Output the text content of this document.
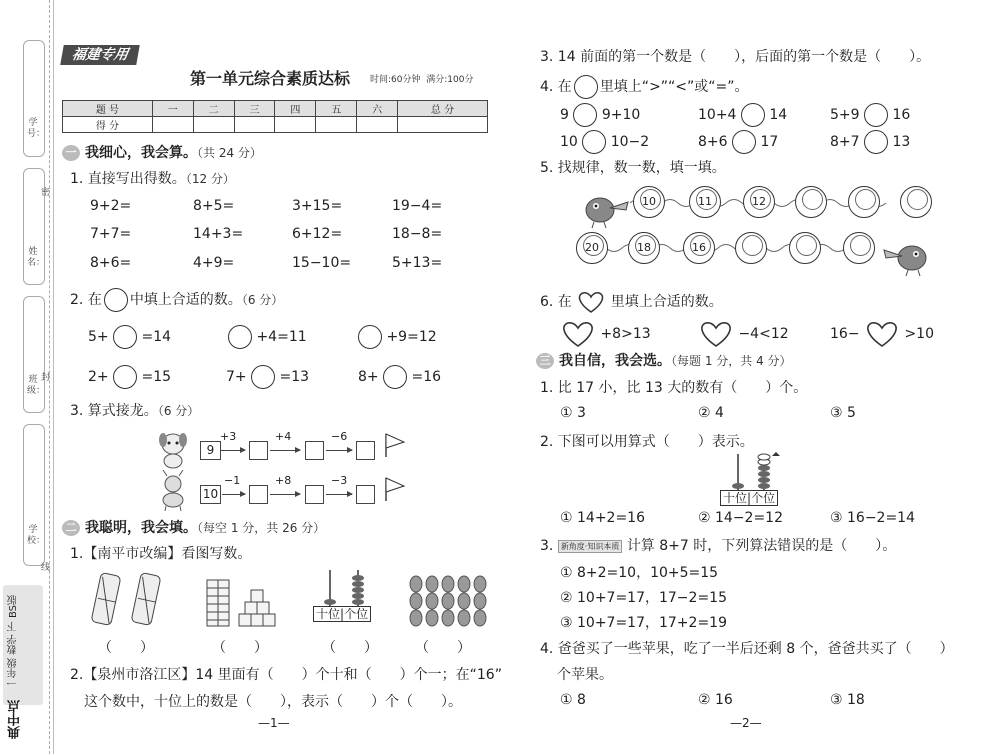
学号：
姓名：
班级：
学校：
密
封
线
一年级 数学 下 BS版
典中点
福建专用
第一单元综合素质达标 时间:60分钟 满分:100分
题 号	一	二	三	四	五	六	总 分
得 分							
一 我细心，我会算。（共 24 分）
1. 直接写出得数。（12 分）
9+2=	8+5=	3+15=	19−4=
7+7=	14+3=	6+12=	18−8=
8+6=	4+9=	15−10=	5+13=
2. 在 中填上合适的数。（6 分）
5+ =14	+4=11	+9=12
2+ =15	7+ =13	8+ =16
3. 算式接龙。（6 分）
9
+3	+4	−6
10
−1	+8	−3
二 我聪明，我会填。（每空 1 分，共 26 分）
1.【南平市改编】看图写数。
十位|个位
（　　）	（　　）	（　　）	（　　）
2.【泉州市洛江区】14 里面有（　　）个十和（　　）个一；在“16”
这个数中，十位上的数是（　　），表示（　　）个（　　）。
—1—
3. 14 前面的第一个数是（　　），后面的第一个数是（　　）。
4. 在 里填上“>”“<”或“=”。
9 9+10	10+4 14	5+9 16
10 10−2	8+6 17	8+7 13
5. 找规律，数一数，填一填。
10	11	12
20	18	16
6. 在	里填上合适的数。
+8>13	−4<12	16−	>10
三 我自信，我会选。（每题 1 分，共 4 分）
1. 比 17 小，比 13 大的数有（　　）个。
① 3	② 4	③ 5
2. 下图可以用算式（　　）表示。
十位|个位
① 14+2=16	② 14−2=12	③ 16−2=14
3. 新角度·知识本质 计算 8+7 时，下列算法错误的是（　　）。
① 8+2=10，10+5=15
② 10+7=17，17−2=15
③ 10+7=17，17+2=19
4. 爸爸买了一些苹果，吃了一半后还剩 8 个，爸爸共买了（　　）
个苹果。
① 8	② 16	③ 18
—2—
